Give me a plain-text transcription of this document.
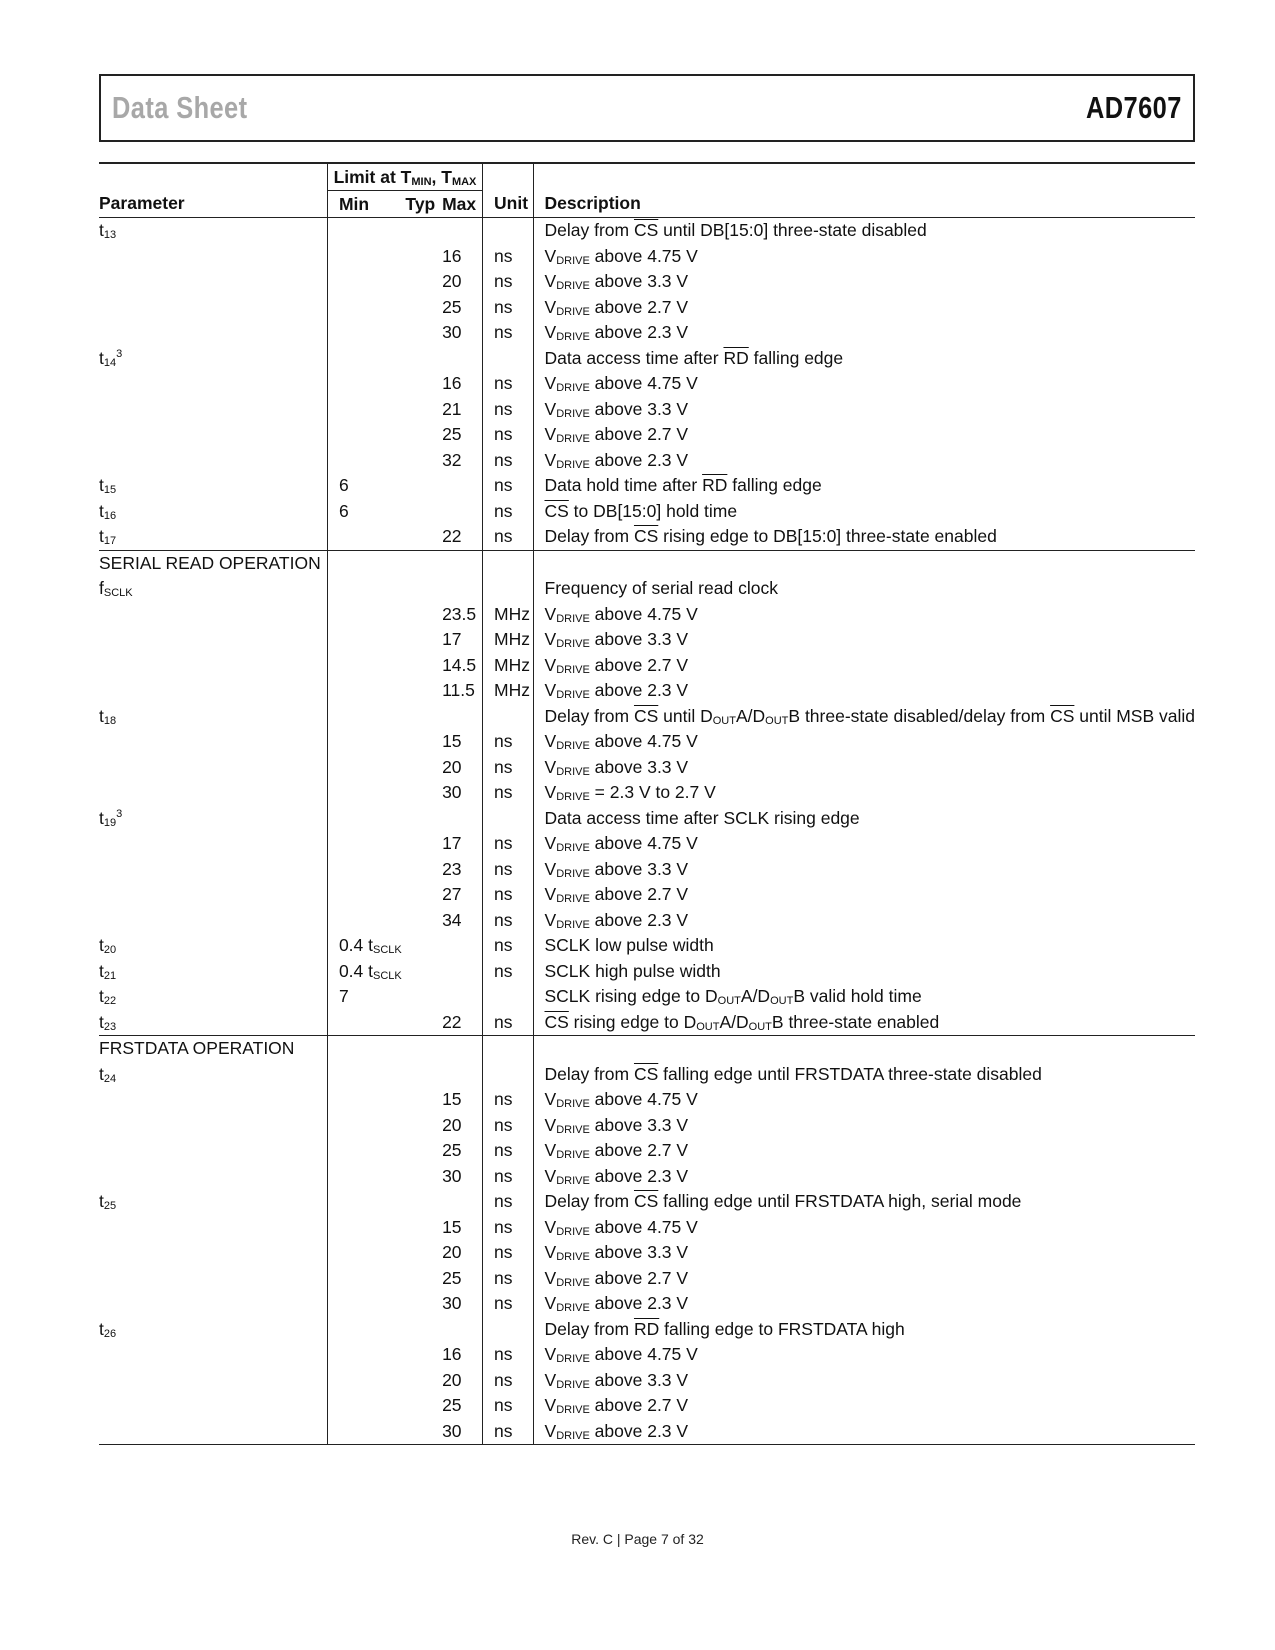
Data Sheet	AD7607
	Limit at TMIN, TMAX				
Parameter	Min	Typ	Max	Unit	Description
t13					Delay from $\overline{CS}$ until DB[15:0] three-state disabled
			16	ns	VDRIVE above 4.75 V
			20	ns	VDRIVE above 3.3 V
			25	ns	VDRIVE above 2.7 V
			30	ns	VDRIVE above 2.3 V
$t14^3$					Data access time after $\overline{RD}$ falling edge
			16	ns	VDRIVE above 4.75 V
			21	ns	VDRIVE above 3.3 V
			25	ns	VDRIVE above 2.7 V
			32	ns	VDRIVE above 2.3 V
t15	6			ns	Data hold time after $\overline{RD}$ falling edge
t16	6			ns	$\overline{CS}$ to DB[15:0] hold time
t17			22	ns	Delay from $\overline{CS}$ rising edge to DB[15:0] three-state enabled
SERIAL READ OPERATION					
fSCLK					Frequency of serial read clock
			23.5	MHz	VDRIVE above 4.75 V
			17	MHz	VDRIVE above 3.3 V
			14.5	MHz	VDRIVE above 2.7 V
			11.5	MHz	VDRIVE above 2.3 V
t18					Delay from $\overline{CS}$ until DOUTA/DOUTB three-state disabled/delay from $\overline{CS}$ until MSB valid
			15	ns	VDRIVE above 4.75 V
			20	ns	VDRIVE above 3.3 V
			30	ns	VDRIVE = 2.3 V to 2.7 V
$t19^3$					Data access time after SCLK rising edge
			17	ns	VDRIVE above 4.75 V
			23	ns	VDRIVE above 3.3 V
			27	ns	VDRIVE above 2.7 V
			34	ns	VDRIVE above 2.3 V
t20	0.4 tSCLK			ns	SCLK low pulse width
t21	0.4 tSCLK			ns	SCLK high pulse width
t22	7				SCLK rising edge to DOUTA/DOUTB valid hold time
t23			22	ns	$\overline{CS}$ rising edge to DOUTA/DOUTB three-state enabled
FRSTDATA OPERATION					
t24					Delay from $\overline{CS}$ falling edge until FRSTDATA three-state disabled
			15	ns	VDRIVE above 4.75 V
			20	ns	VDRIVE above 3.3 V
			25	ns	VDRIVE above 2.7 V
			30	ns	VDRIVE above 2.3 V
t25				ns	Delay from $\overline{CS}$ falling edge until FRSTDATA high, serial mode
			15	ns	VDRIVE above 4.75 V
			20	ns	VDRIVE above 3.3 V
			25	ns	VDRIVE above 2.7 V
			30	ns	VDRIVE above 2.3 V
t26					Delay from $\overline{RD}$ falling edge to FRSTDATA high
			16	ns	VDRIVE above 4.75 V
			20	ns	VDRIVE above 3.3 V
			25	ns	VDRIVE above 2.7 V
			30	ns	VDRIVE above 2.3 V
Rev. C | Page 7 of 32
